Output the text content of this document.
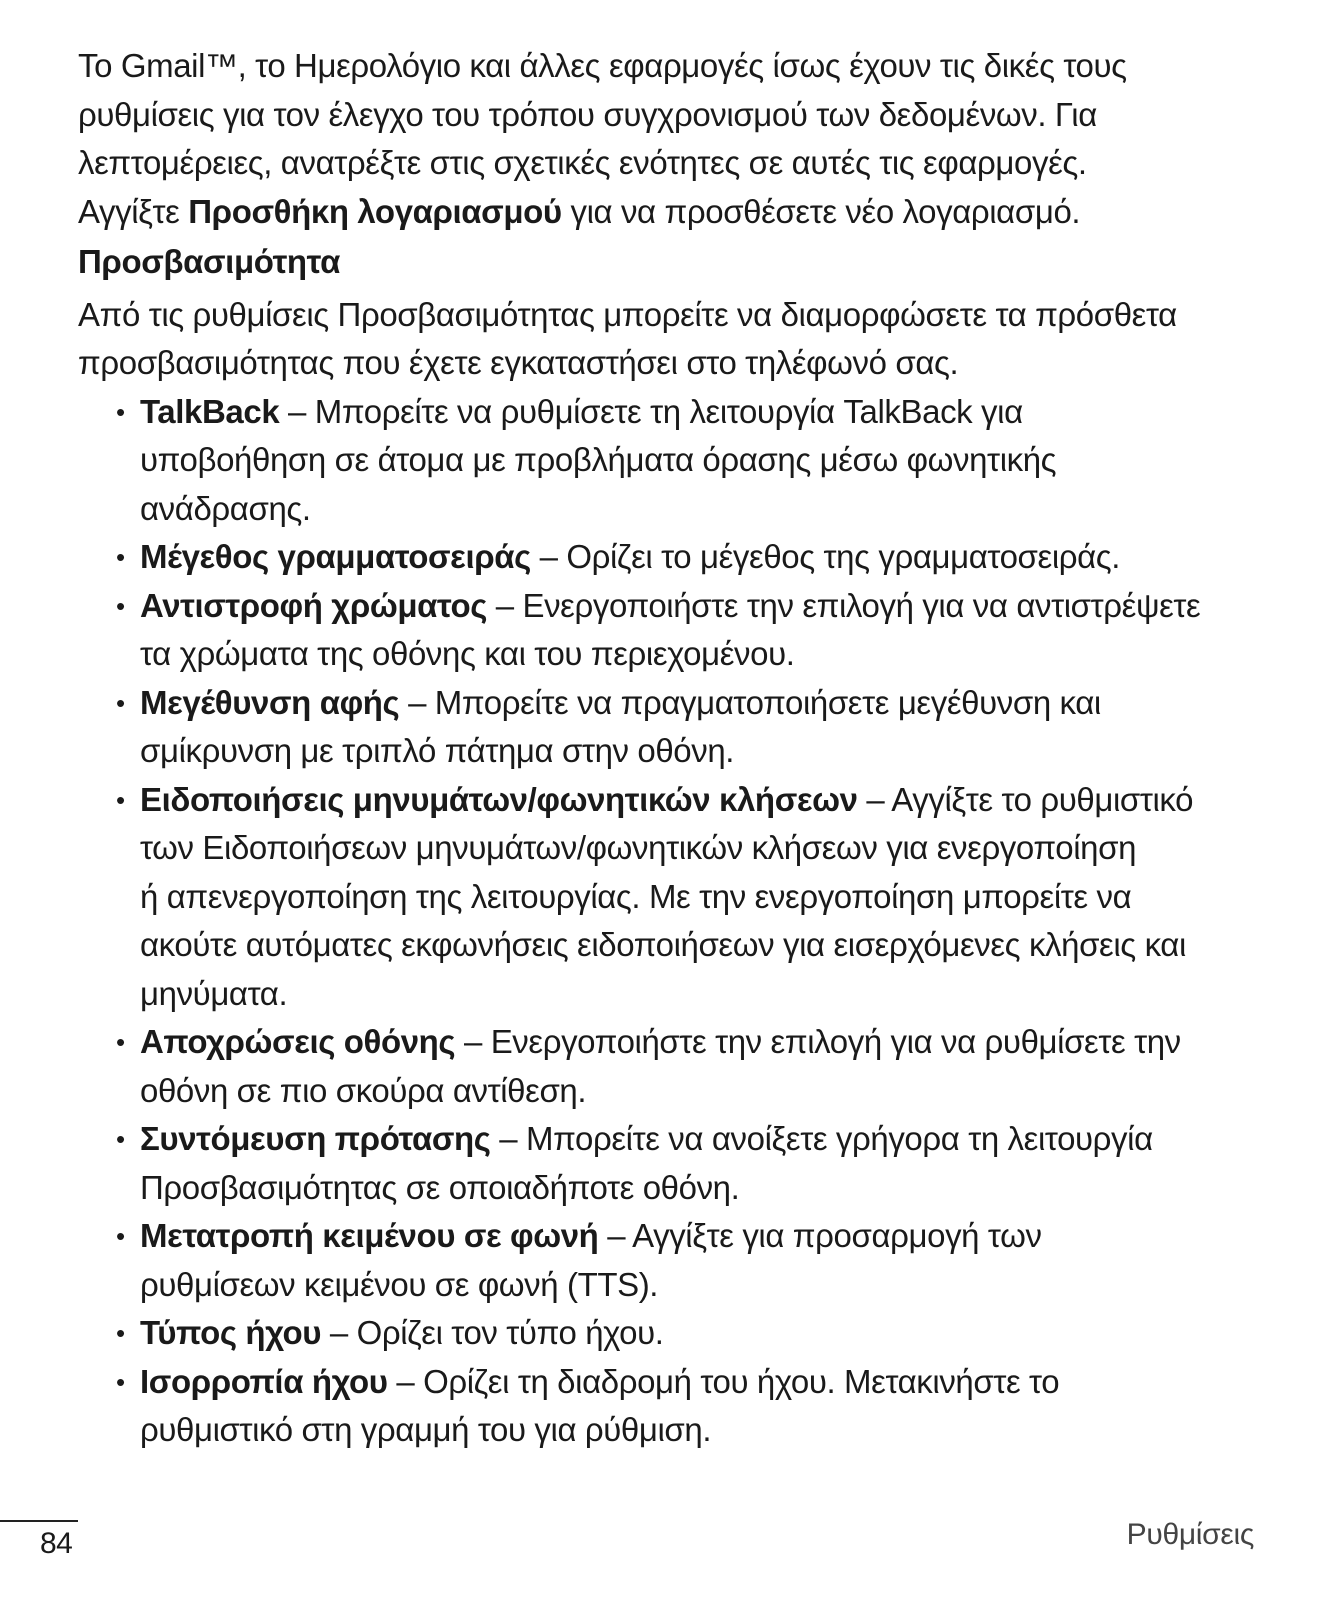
Το Gmail™, το Ημερολόγιο και άλλες εφαρμογές ίσως έχουν τις δικές τους
ρυθμίσεις για τον έλεγχο του τρόπου συγχρονισμού των δεδομένων. Για
λεπτομέρειες, ανατρέξτε στις σχετικές ενότητες σε αυτές τις εφαρμογές.
Αγγίξτε Προσθήκη λογαριασμού για να προσθέσετε νέο λογαριασμό.
Προσβασιμότητα
Από τις ρυθμίσεις Προσβασιμότητας μπορείτε να διαμορφώσετε τα πρόσθετα
προσβασιμότητας που έχετε εγκαταστήσει στο τηλέφωνό σας.
• TalkBack – Μπορείτε να ρυθμίσετε τη λειτουργία TalkBack για
υποβοήθηση σε άτομα με προβλήματα όρασης μέσω φωνητικής
ανάδρασης.
• Μέγεθος γραμματοσειράς – Ορίζει το μέγεθος της γραμματοσειράς.
• Αντιστροφή χρώματος – Ενεργοποιήστε την επιλογή για να αντιστρέψετε
τα χρώματα της οθόνης και του περιεχομένου.
• Μεγέθυνση αφής – Μπορείτε να πραγματοποιήσετε μεγέθυνση και
σμίκρυνση με τριπλό πάτημα στην οθόνη.
• Ειδοποιήσεις μηνυμάτων/φωνητικών κλήσεων – Αγγίξτε το ρυθμιστικό
των Ειδοποιήσεων μηνυμάτων/φωνητικών κλήσεων για ενεργοποίηση
ή απενεργοποίηση της λειτουργίας. Με την ενεργοποίηση μπορείτε να
ακούτε αυτόματες εκφωνήσεις ειδοποιήσεων για εισερχόμενες κλήσεις και
μηνύματα.
• Αποχρώσεις οθόνης – Ενεργοποιήστε την επιλογή για να ρυθμίσετε την
οθόνη σε πιο σκούρα αντίθεση.
• Συντόμευση πρότασης – Μπορείτε να ανοίξετε γρήγορα τη λειτουργία
Προσβασιμότητας σε οποιαδήποτε οθόνη.
• Μετατροπή κειμένου σε φωνή – Αγγίξτε για προσαρμογή των
ρυθμίσεων κειμένου σε φωνή (TTS).
• Τύπος ήχου – Ορίζει τον τύπο ήχου.
• Ισορροπία ήχου – Ορίζει τη διαδρομή του ήχου. Μετακινήστε το
ρυθμιστικό στη γραμμή του για ρύθμιση.
84	Ρυθμίσεις
